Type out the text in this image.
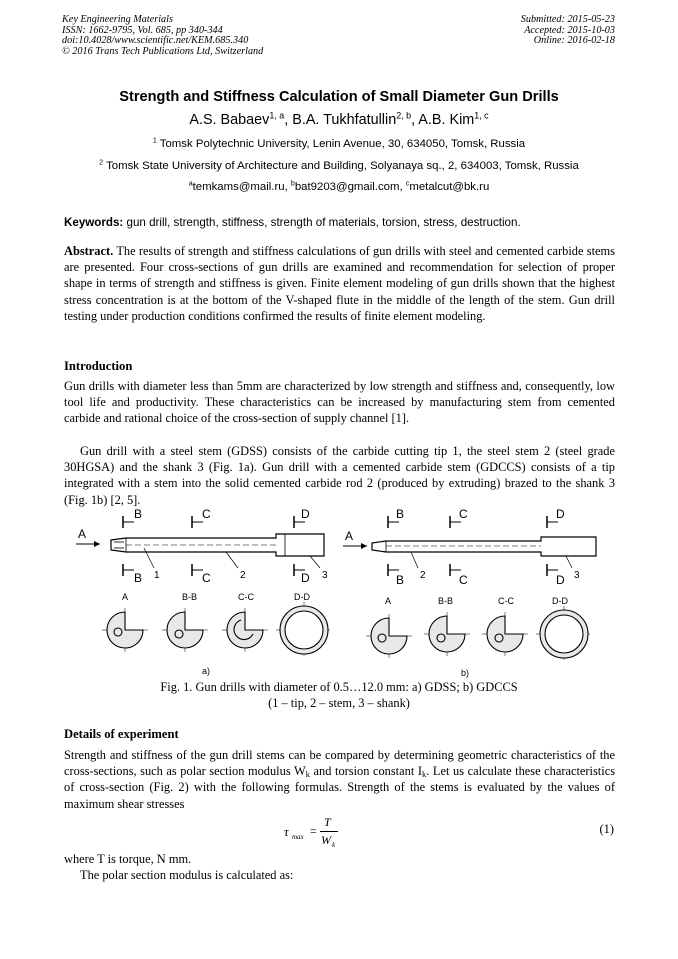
Key Engineering Materials
ISSN: 1662-9795, Vol. 685, pp 340-344
doi:10.4028/www.scientific.net/KEM.685.340
© 2016 Trans Tech Publications Ltd, Switzerland
Submitted: 2015-05-23
Accepted: 2015-10-03
Online: 2016-02-18
Strength and Stiffness Calculation of Small Diameter Gun Drills
A.S. Babaev$^{1, a}$, B.A. Tukhfatullin$^{2, b}$, A.B. Kim$^{1, c}$
$^1$ Tomsk Polytechnic University, Lenin Avenue, 30, 634050, Tomsk, Russia
$^2$ Tomsk State University of Architecture and Building, Solyanaya sq., 2, 634003, Tomsk, Russia
$^a$temkams@mail.ru, $^b$bat9203@gmail.com, $^c$metalcut@bk.ru
Keywords: gun drill, strength, stiffness, strength of materials, torsion, stress, destruction.
Abstract. The results of strength and stiffness calculations of gun drills with steel and cemented carbide stems are presented. Four cross-sections of gun drills are examined and recommendation for selection of proper shape in terms of strength and stiffness is given. Finite element modeling of gun drills shown that the highest stress concentration is at the bottom of the V-shaped flute in the middle of the length of the stem. Gun drill testing under production conditions confirmed the results of finite element modeling.
Introduction
Gun drills with diameter less than 5mm are characterized by low strength and stiffness and, consequently, low tool life and productivity. These characteristics can be increased by manufacturing stem from cemented carbide and rational choice of the cross-section of supply channel [1].
Gun drill with a steel stem (GDSS) consists of the carbide cutting tip 1, the steel stem 2 (steel grade 30HGSA) and the shank 3 (Fig. 1a). Gun drill with a cemented carbide stem (GDCCS) consists of a tip integrated with a stem into the solid cemented carbide rod 2 (produced by extruding) brazed to the shank 3 (Fig. 1b) [2, 5].
A
B
B
C
C
D
D
1	2	3
A
B
B
C
C
D
D
2	3
A	B-B	C-C	D-D	A	B-B	C-C	D-D
a)	b)
Fig. 1. Gun drills with diameter of 0.5…12.0 mm: a) GDSS; b) GDCCS
(1 – tip, 2 – stem, 3 – shank)
Details of experiment
Strength and stiffness of the gun drill stems can be compared by determining geometric characteristics of the cross-sections, such as polar section modulus $W_k$ and torsion constant $I_k$. Let us calculate these characteristics of cross-section (Fig. 2) with the following formulas. Strength of the stems is evaluated by the values of maximum shear stresses
τ max =
T
W k
(1)
where T is torque, N mm.
The polar section modulus is calculated as:
